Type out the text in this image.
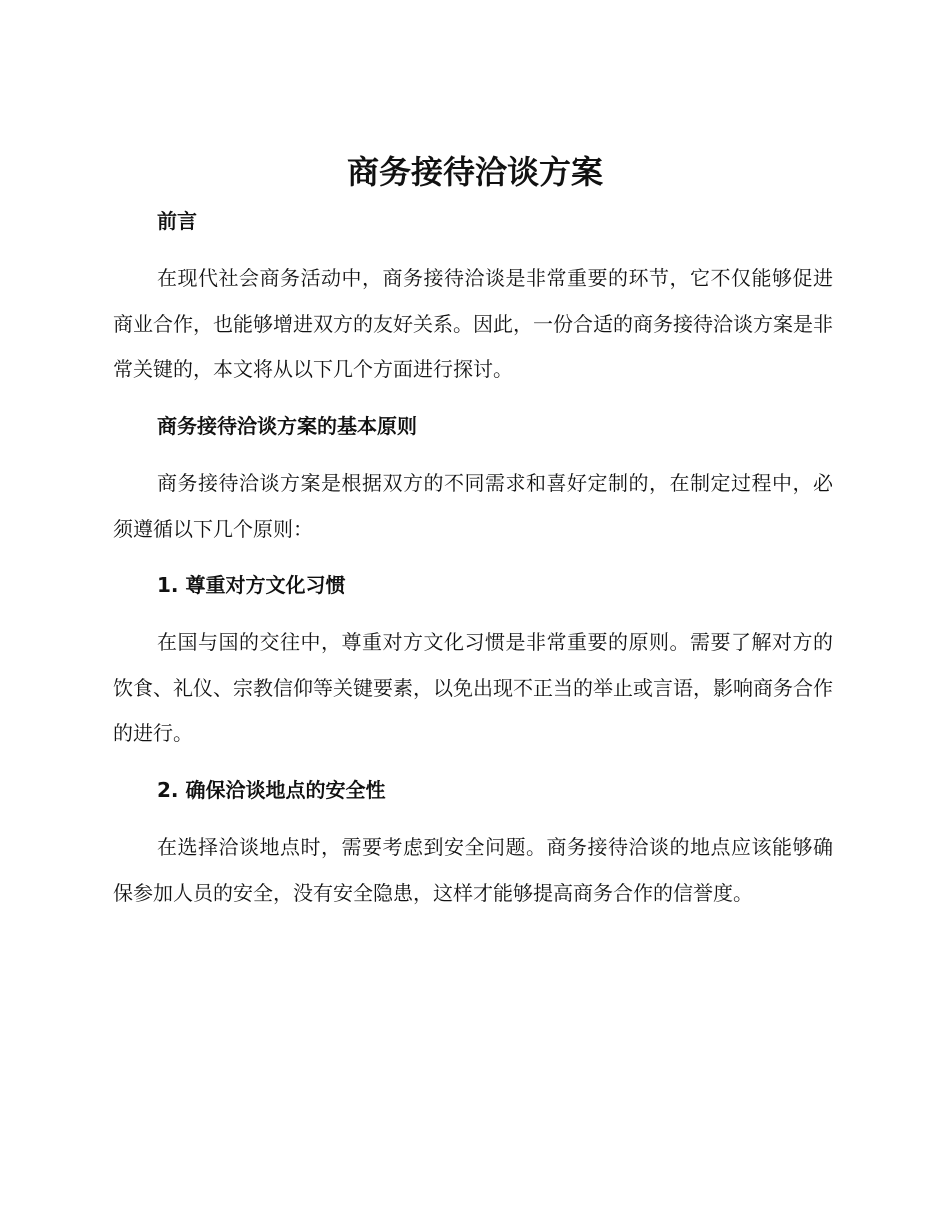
商务接待洽谈方案
前言

在现代社会商务活动中，商务接待洽谈是非常重要的环节，它不仅能够促进商业合作，也能够增进双方的友好关系。因此，一份合适的商务接待洽谈方案是非常关键的，本文将从以下几个方面进行探讨。

商务接待洽谈方案的基本原则

商务接待洽谈方案是根据双方的不同需求和喜好定制的，在制定过程中，必须遵循以下几个原则：

1. 尊重对方文化习惯

在国与国的交往中，尊重对方文化习惯是非常重要的原则。需要了解对方的饮食、礼仪、宗教信仰等关键要素，以免出现不正当的举止或言语，影响商务合作的进行。

2. 确保洽谈地点的安全性

在选择洽谈地点时，需要考虑到安全问题。商务接待洽谈的地点应该能够确保参加人员的安全，没有安全隐患，这样才能够提高商务合作的信誉度。
